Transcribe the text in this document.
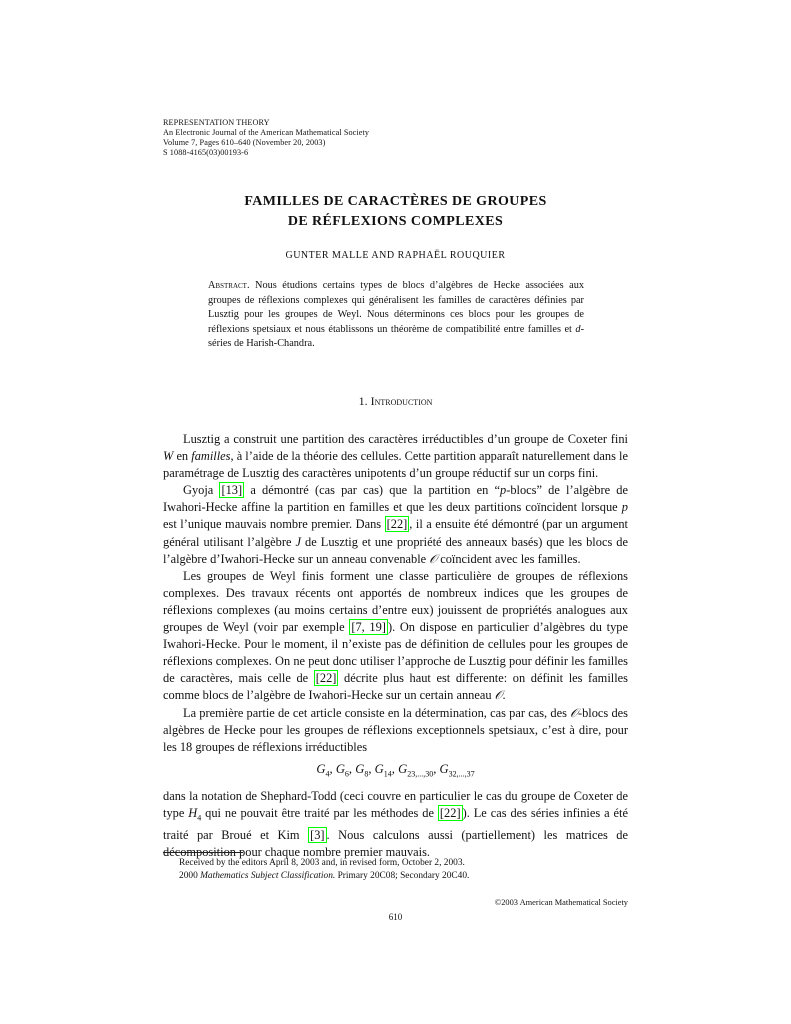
REPRESENTATION THEORY
An Electronic Journal of the American Mathematical Society
Volume 7, Pages 610–640 (November 20, 2003)
S 1088-4165(03)00193-6
FAMILLES DE CARACTÈRES DE GROUPES
DE RÉFLEXIONS COMPLEXES
GUNTER MALLE AND RAPHAËL ROUQUIER
Abstract. Nous étudions certains types de blocs d’algèbres de Hecke associées aux groupes de réflexions complexes qui généralisent les familles de caractères définies par Lusztig pour les groupes de Weyl. Nous déterminons ces blocs pour les groupes de réflexions spetsiaux et nous établissons un théorème de compatibilité entre familles et d-séries de Harish-Chandra.
1. Introduction

Lusztig a construit une partition des caractères irréductibles d’un groupe de Coxeter fini W en familles, à l’aide de la théorie des cellules. Cette partition apparaît naturellement dans le paramétrage de Lusztig des caractères unipotents d’un groupe réductif sur un corps fini.

Gyoja [13] a démontré (cas par cas) que la partition en “p-blocs” de l’algèbre de Iwahori-Hecke affine la partition en familles et que les deux partitions coïncident lorsque p est l’unique mauvais nombre premier. Dans [22] , il a ensuite été démontré (par un argument général utilisant l’algèbre J de Lusztig et une propriété des anneaux basés) que les blocs de l’algèbre d’Iwahori-Hecke sur un anneau convenable 𝒪 coïncident avec les familles.

Les groupes de Weyl finis forment une classe particulière de groupes de réflexions complexes. Des travaux récents ont apportés de nombreux indices que les groupes de réflexions complexes (au moins certains d’entre eux) jouissent de propriétés analogues aux groupes de Weyl (voir par exemple [7, 19] ). On dispose en particulier d’algèbres du type Iwahori-Hecke. Pour le moment, il n’existe pas de définition de cellules pour les groupes de réflexions complexes. On ne peut donc utiliser l’approche de Lusztig pour définir les familles de caractères, mais celle de [22] décrite plus haut est differente: on définit les familles comme blocs de l’algèbre de Iwahori-Hecke sur un certain anneau 𝒪.

La première partie de cet article consiste en la détermination, cas par cas, des 𝒪-blocs des algèbres de Hecke pour les groupes de réflexions exceptionnels spetsiaux, c’est à dire, pour les 18 groupes de réflexions irréductibles

$G_4$, $G_6$, $G_8$, $G_{14}$, $G_{23,...,30}$, $G_{32,...,37}$

dans la notation de Shephard-Todd (ceci couvre en particulier le cas du groupe de Coxeter de type $H_4$ qui ne pouvait être traité par les méthodes de [22] ). Le cas des séries infinies a été traité par Broué et Kim [3] . Nous calculons aussi (partiellement) les matrices de décomposition pour chaque nombre premier mauvais.

Received by the editors April 8, 2003 and, in revised form, October 2, 2003.
2000 Mathematics Subject Classification. Primary 20C08; Secondary 20C40.
©2003 American Mathematical Society
610
